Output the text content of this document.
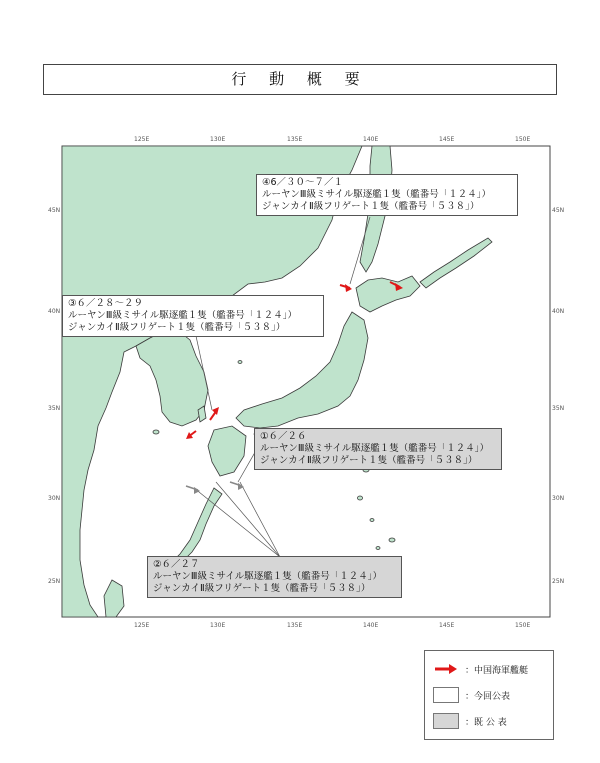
行 動 概 要
125E	130E	135E	140E	145E	150E
125E	130E	135E	140E	145E	150E
45N
40N
35N
30N
25N
45N
40N
35N
30N
25N
④6／３０〜７／１
ルーヤンⅢ級ミサイル駆逐艦１隻（艦番号「１２４」）
ジャンカイⅡ級フリゲート１隻（艦番号「５３８」）
③６／２８〜２９
ルーヤンⅢ級ミサイル駆逐艦１隻（艦番号「１２４」）
ジャンカイⅡ級フリゲート１隻（艦番号「５３８」）
①６／２６
ルーヤンⅢ級ミサイル駆逐艦１隻（艦番号「１２４」）
ジャンカイⅡ級フリゲート１隻（艦番号「５３８」）
②６／２７
ルーヤンⅢ級ミサイル駆逐艦１隻（艦番号「１２４」）
ジャンカイⅡ級フリゲート１隻（艦番号「５３８」）
：中国海軍艦艇
：今回公表
：既 公 表
